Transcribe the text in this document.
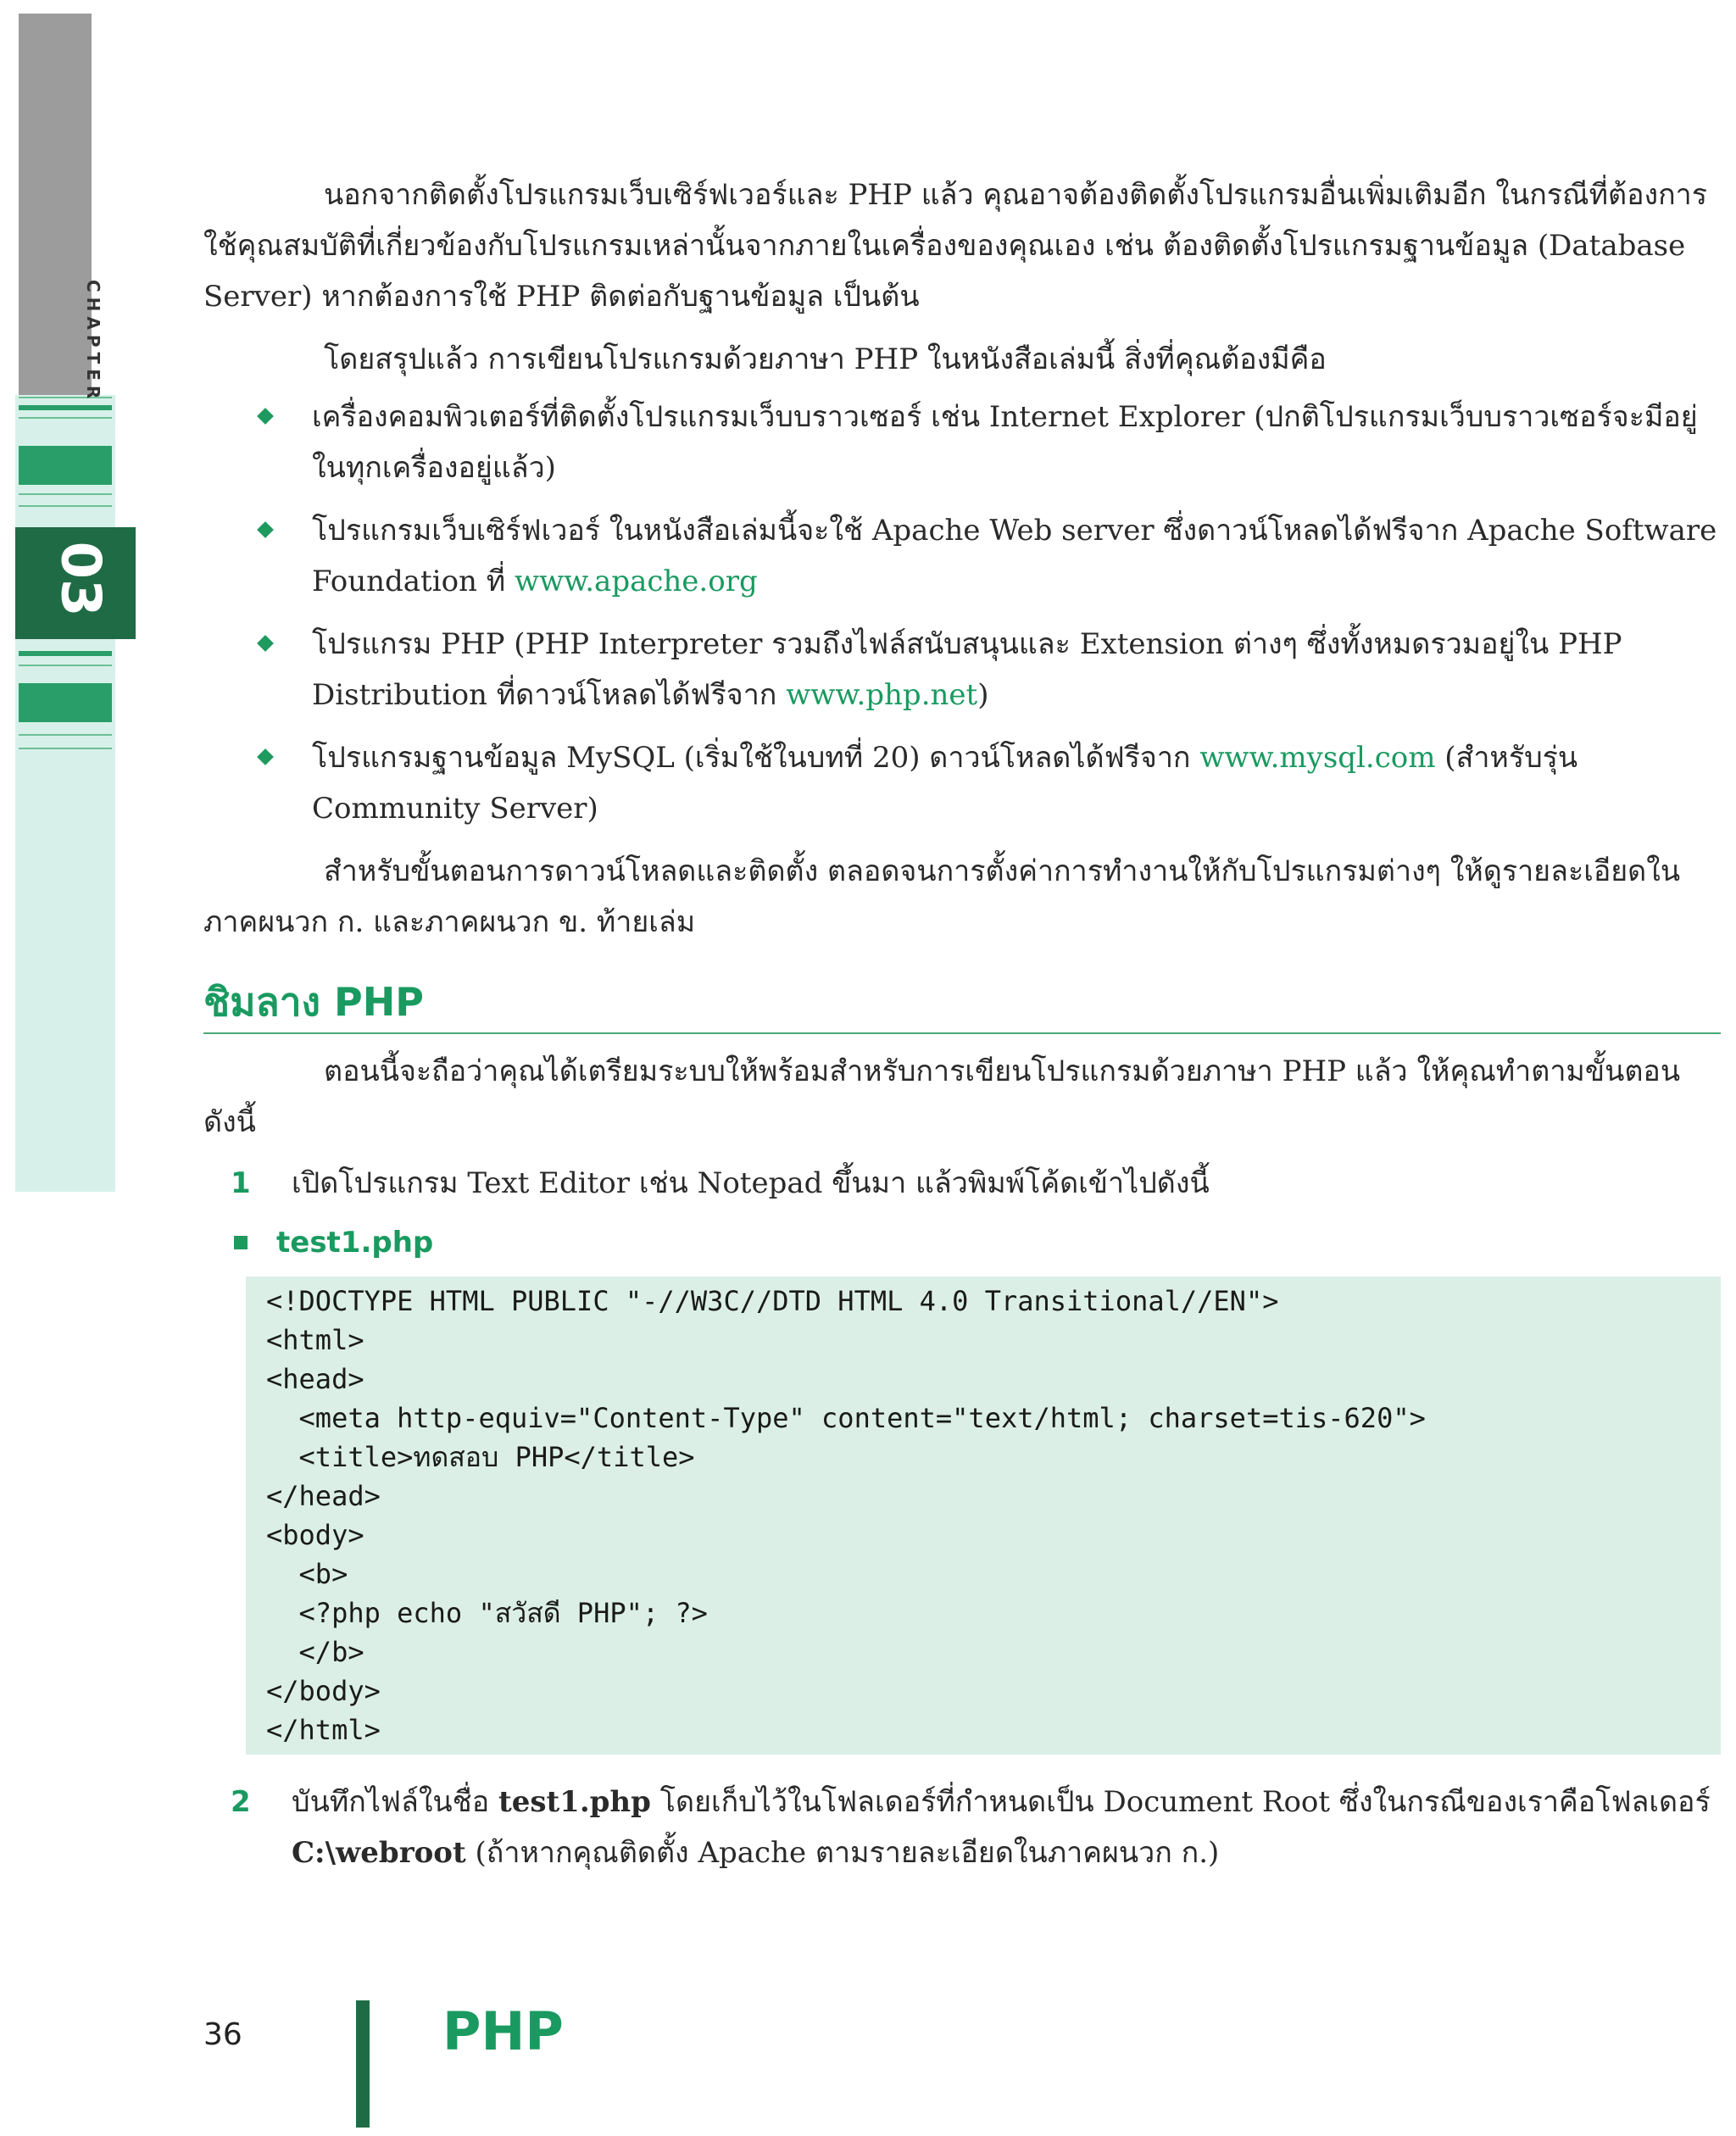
CHAPTER
03

นอกจากติดตั้งโปรแกรมเว็บเซิร์ฟเวอร์และ PHP แล้ว คุณอาจต้องติดตั้งโปรแกรมอื่นเพิ่มเติมอีก ในกรณีที่ต้องการใช้คุณสมบัติที่เกี่ยวข้องกับโปรแกรมเหล่านั้นจากภายในเครื่องของคุณเอง เช่น ต้องติดตั้งโปรแกรมฐานข้อมูล (Database Server) หากต้องการใช้ PHP ติดต่อกับฐานข้อมูล เป็นต้น

โดยสรุปแล้ว การเขียนโปรแกรมด้วยภาษา PHP ในหนังสือเล่มนี้ สิ่งที่คุณต้องมีคือ

เครื่องคอมพิวเตอร์ที่ติดตั้งโปรแกรมเว็บบราวเซอร์ เช่น Internet Explorer (ปกติโปรแกรมเว็บบราวเซอร์จะมีอยู่ในทุกเครื่องอยู่แล้ว)
โปรแกรมเว็บเซิร์ฟเวอร์ ในหนังสือเล่มนี้จะใช้ Apache Web server ซึ่งดาวน์โหลดได้ฟรีจาก Apache Software Foundation ที่ www.apache.org
โปรแกรม PHP (PHP Interpreter รวมถึงไฟล์สนับสนุนและ Extension ต่างๆ ซึ่งทั้งหมดรวมอยู่ใน PHP Distribution ที่ดาวน์โหลดได้ฟรีจาก www.php.net)
โปรแกรมฐานข้อมูล MySQL (เริ่มใช้ในบทที่ 20) ดาวน์โหลดได้ฟรีจาก www.mysql.com (สำหรับรุ่น Community Server)

สำหรับขั้นตอนการดาวน์โหลดและติดตั้ง ตลอดจนการตั้งค่าการทำงานให้กับโปรแกรมต่างๆ ให้ดูรายละเอียดในภาคผนวก ก. และภาคผนวก ข. ท้ายเล่ม

ชิมลาง PHP

ตอนนี้จะถือว่าคุณได้เตรียมระบบให้พร้อมสำหรับการเขียนโปรแกรมด้วยภาษา PHP แล้ว ให้คุณทำตามขั้นตอนดังนี้

1 เปิดโปรแกรม Text Editor เช่น Notepad ขึ้นมา แล้วพิมพ์โค้ดเข้าไปดังนี้

test1.php
<!DOCTYPE HTML PUBLIC "-//W3C//DTD HTML 4.0 Transitional//EN">
<html>
<head>
<meta http-equiv="Content-Type" content="text/html; charset=tis-620">
<title>ทดสอบ PHP</title>
</head>
<body>
<b>
<?php echo "สวัสดี PHP"; ?>
</b>
</body>
</html>

2 บันทึกไฟล์ในชื่อ test1.php โดยเก็บไว้ในโฟลเดอร์ที่กำหนดเป็น Document Root ซึ่งในกรณีของเราคือโฟลเดอร์ C:\webroot (ถ้าหากคุณติดตั้ง Apache ตามรายละเอียดในภาคผนวก ก.)

36	PHP
